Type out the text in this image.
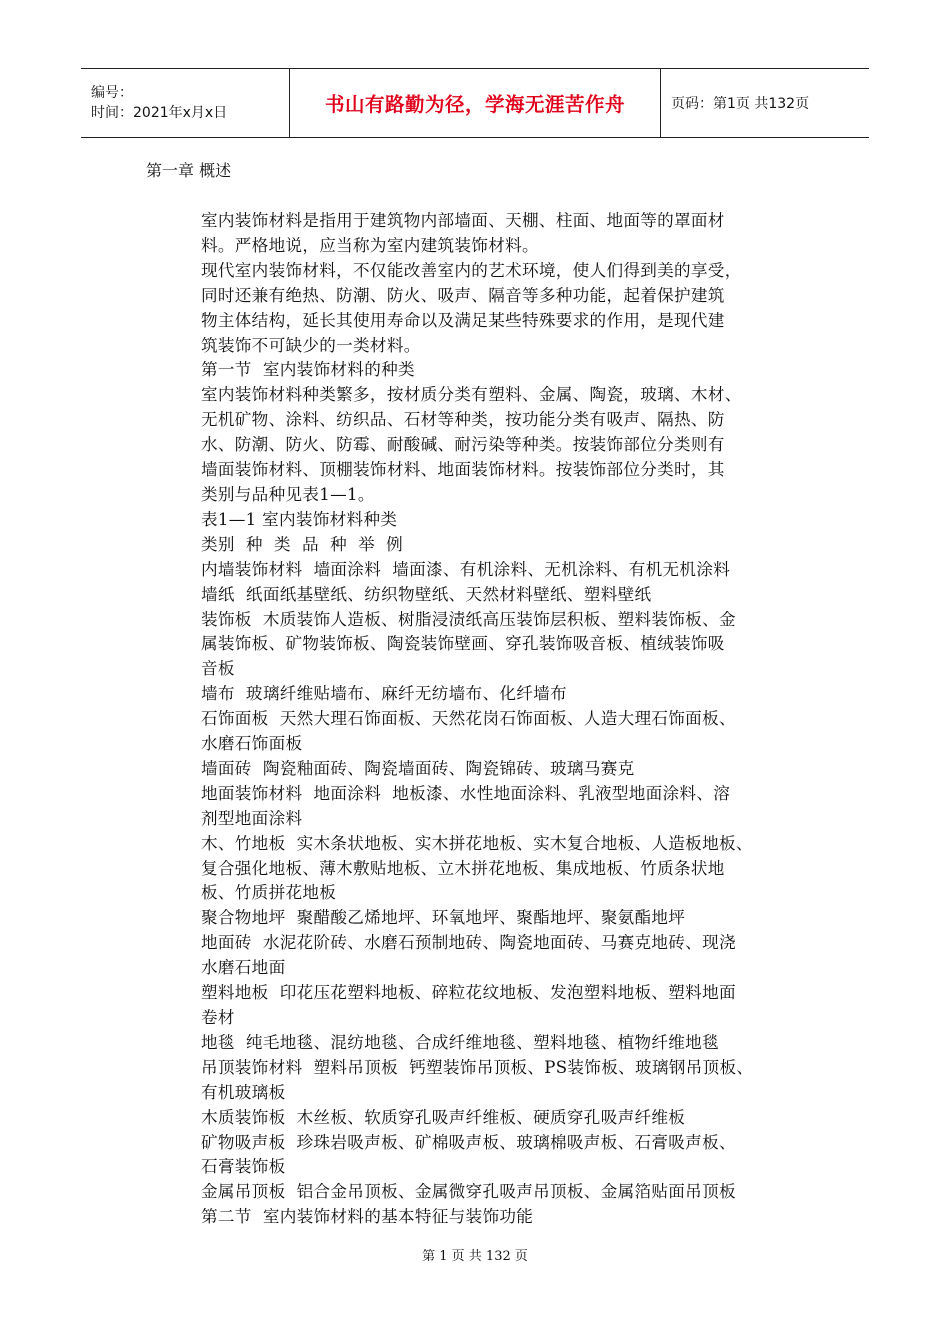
编号：
时间：2021年x月x日	书山有路勤为径，学海无涯苦作舟	页码：第1页 共132页
第一章 概述

室内装饰材料是指用于建筑物内部墙面、天棚、柱面、地面等的罩面材
料。严格地说，应当称为室内建筑装饰材料。

现代室内装饰材料，不仅能改善室内的艺术环境，使人们得到美的享受，
同时还兼有绝热、防潮、防火、吸声、隔音等多种功能，起着保护建筑
物主体结构，延长其使用寿命以及满足某些特殊要求的作用，是现代建
筑装饰不可缺少的一类材料。

第一节  室内装饰材料的种类

室内装饰材料种类繁多，按材质分类有塑料、金属、陶瓷，玻璃、木材、
无机矿物、涂料、纺织品、石材等种类，按功能分类有吸声、隔热、防
水、防潮、防火、防霉、耐酸碱、耐污染等种类。按装饰部位分类则有
墙面装饰材料、顶棚装饰材料、地面装饰材料。按装饰部位分类时，其
类别与品种见表1—1。

表1—1 室内装饰材料种类

类别  种  类  品  种  举  例

内墙装饰材料  墙面涂料  墙面漆、有机涂料、无机涂料、有机无机涂料

墙纸  纸面纸基壁纸、纺织物壁纸、天然材料壁纸、塑料壁纸

装饰板  木质装饰人造板、树脂浸渍纸高压装饰层积板、塑料装饰板、金
属装饰板、矿物装饰板、陶瓷装饰壁画、穿孔装饰吸音板、植绒装饰吸
音板

墙布  玻璃纤维贴墙布、麻纤无纺墙布、化纤墙布

石饰面板  天然大理石饰面板、天然花岗石饰面板、人造大理石饰面板、
水磨石饰面板

墙面砖  陶瓷釉面砖、陶瓷墙面砖、陶瓷锦砖、玻璃马赛克

地面装饰材料  地面涂料  地板漆、水性地面涂料、乳液型地面涂料、溶
剂型地面涂料

木、竹地板  实木条状地板、实木拼花地板、实木复合地板、人造板地板、
复合强化地板、薄木敷贴地板、立木拼花地板、集成地板、竹质条状地
板、竹质拼花地板

聚合物地坪  聚醋酸乙烯地坪、环氧地坪、聚酯地坪、聚氨酯地坪

地面砖  水泥花阶砖、水磨石预制地砖、陶瓷地面砖、马赛克地砖、现浇
水磨石地面

塑料地板  印花压花塑料地板、碎粒花纹地板、发泡塑料地板、塑料地面
卷材

地毯  纯毛地毯、混纺地毯、合成纤维地毯、塑料地毯、植物纤维地毯

吊顶装饰材料  塑料吊顶板  钙塑装饰吊顶板、PS装饰板、玻璃钢吊顶板、
有机玻璃板

木质装饰板  木丝板、软质穿孔吸声纤维板、硬质穿孔吸声纤维板

矿物吸声板  珍珠岩吸声板、矿棉吸声板、玻璃棉吸声板、石膏吸声板、
石膏装饰板

金属吊顶板  铝合金吊顶板、金属微穿孔吸声吊顶板、金属箔贴面吊顶板

第二节  室内装饰材料的基本特征与装饰功能

第 1 页 共 132 页
